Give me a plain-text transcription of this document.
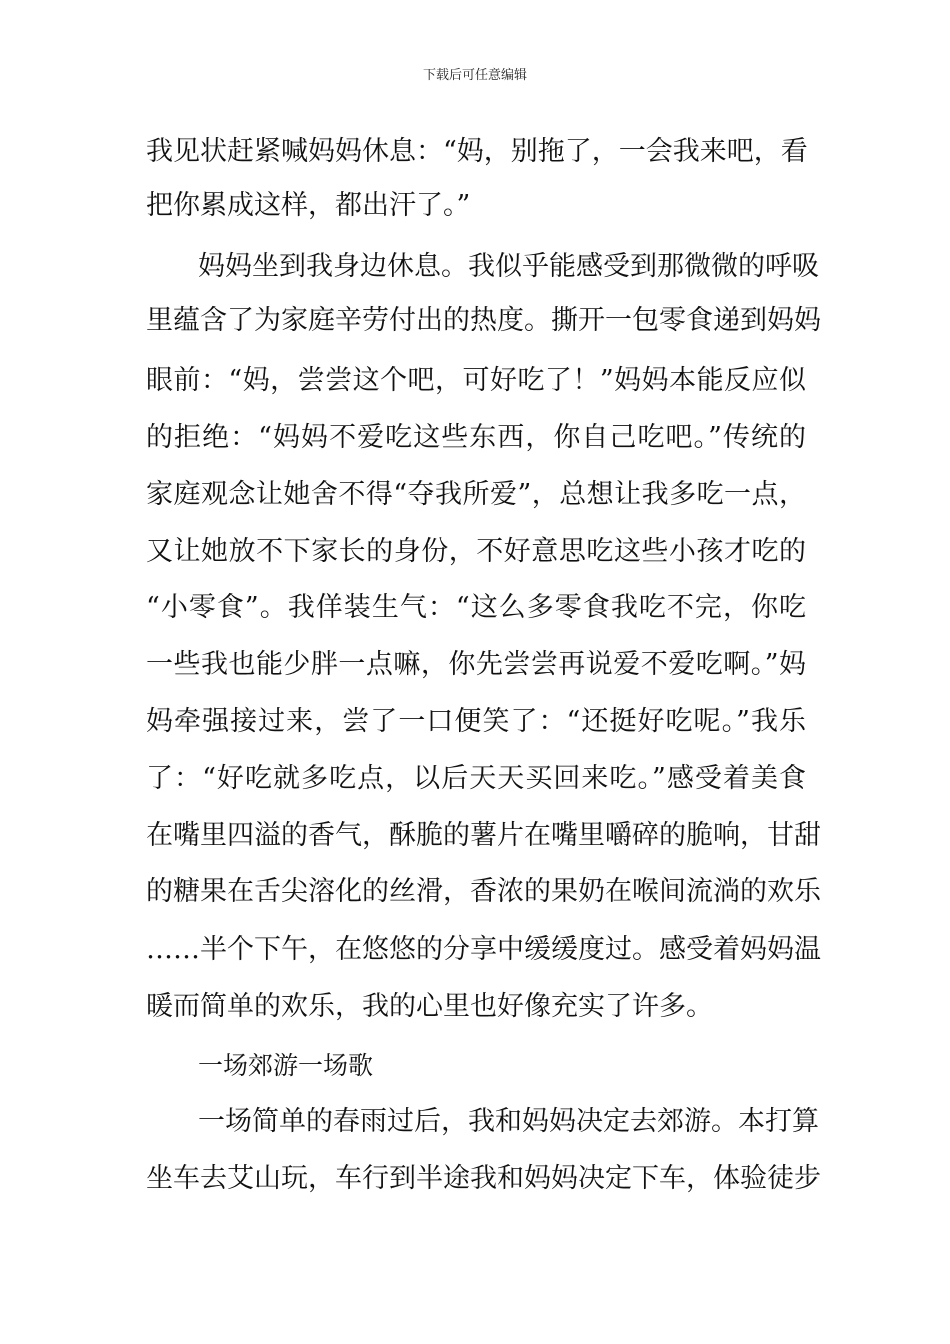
下载后可任意编辑
我见状赶紧喊妈妈休息：“妈，别拖了，一会我来吧，看
把你累成这样，都出汗了。”
妈妈坐到我身边休息。我似乎能感受到那微微的呼吸
里蕴含了为家庭辛劳付出的热度。撕开一包零食递到妈妈
眼前：“妈，尝尝这个吧，可好吃了！”妈妈本能反应似
的拒绝：“妈妈不爱吃这些东西，你自己吃吧。”传统的
家庭观念让她舍不得“夺我所爱”，总想让我多吃一点，
又让她放不下家长的身份，不好意思吃这些小孩才吃的
“小零食”。我佯装生气：“这么多零食我吃不完，你吃
一些我也能少胖一点嘛，你先尝尝再说爱不爱吃啊。”妈
妈牵强接过来，尝了一口便笑了：“还挺好吃呢。”我乐
了：“好吃就多吃点，以后天天买回来吃。”感受着美食
在嘴里四溢的香气，酥脆的薯片在嘴里嚼碎的脆响，甘甜
的糖果在舌尖溶化的丝滑，香浓的果奶在喉间流淌的欢乐
……半个下午，在悠悠的分享中缓缓度过。感受着妈妈温
暖而简单的欢乐，我的心里也好像充实了许多。
一场郊游一场歌
一场简单的春雨过后，我和妈妈决定去郊游。本打算
坐车去艾山玩，车行到半途我和妈妈决定下车，体验徒步
